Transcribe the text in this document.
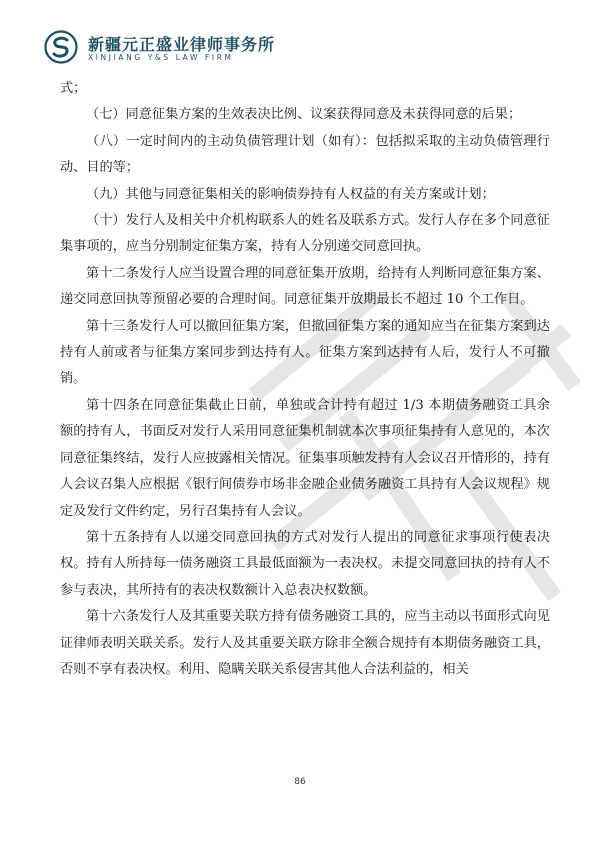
新疆元正盛业律师事务所
XINJIANG Y&S LAW FIRM

式；

（七）同意征集方案的生效表决比例、议案获得同意及未获得同意的后果；

（八）一定时间内的主动负债管理计划（如有）：包括拟采取的主动负债管理行动、目的等；

（九）其他与同意征集相关的影响债券持有人权益的有关方案或计划；

（十）发行人及相关中介机构联系人的姓名及联系方式。发行人存在多个同意征集事项的，应当分别制定征集方案，持有人分别递交同意回执。

第十二条发行人应当设置合理的同意征集开放期，给持有人判断同意征集方案、递交同意回执等预留必要的合理时间。同意征集开放期最长不超过 10 个工作日。

第十三条发行人可以撤回征集方案，但撤回征集方案的通知应当在征集方案到达持有人前或者与征集方案同步到达持有人。征集方案到达持有人后，发行人不可撤销。

第十四条在同意征集截止日前，单独或合计持有超过 1/3 本期债务融资工具余额的持有人，书面反对发行人采用同意征集机制就本次事项征集持有人意见的，本次同意征集终结，发行人应披露相关情况。征集事项触发持有人会议召开情形的，持有人会议召集人应根据《银行间债券市场非金融企业债务融资工具持有人会议规程》规定及发行文件约定，另行召集持有人会议。

第十五条持有人以递交同意回执的方式对发行人提出的同意征求事项行使表决权。持有人所持每一债务融资工具最低面额为一表决权。未提交同意回执的持有人不参与表决，其所持有的表决权数额计入总表决权数额。

第十六条发行人及其重要关联方持有债务融资工具的，应当主动以书面形式向见证律师表明关联关系。发行人及其重要关联方除非全额合规持有本期债务融资工具，否则不享有表决权。利用、隐瞒关联关系侵害其他人合法利益的，相关

86
